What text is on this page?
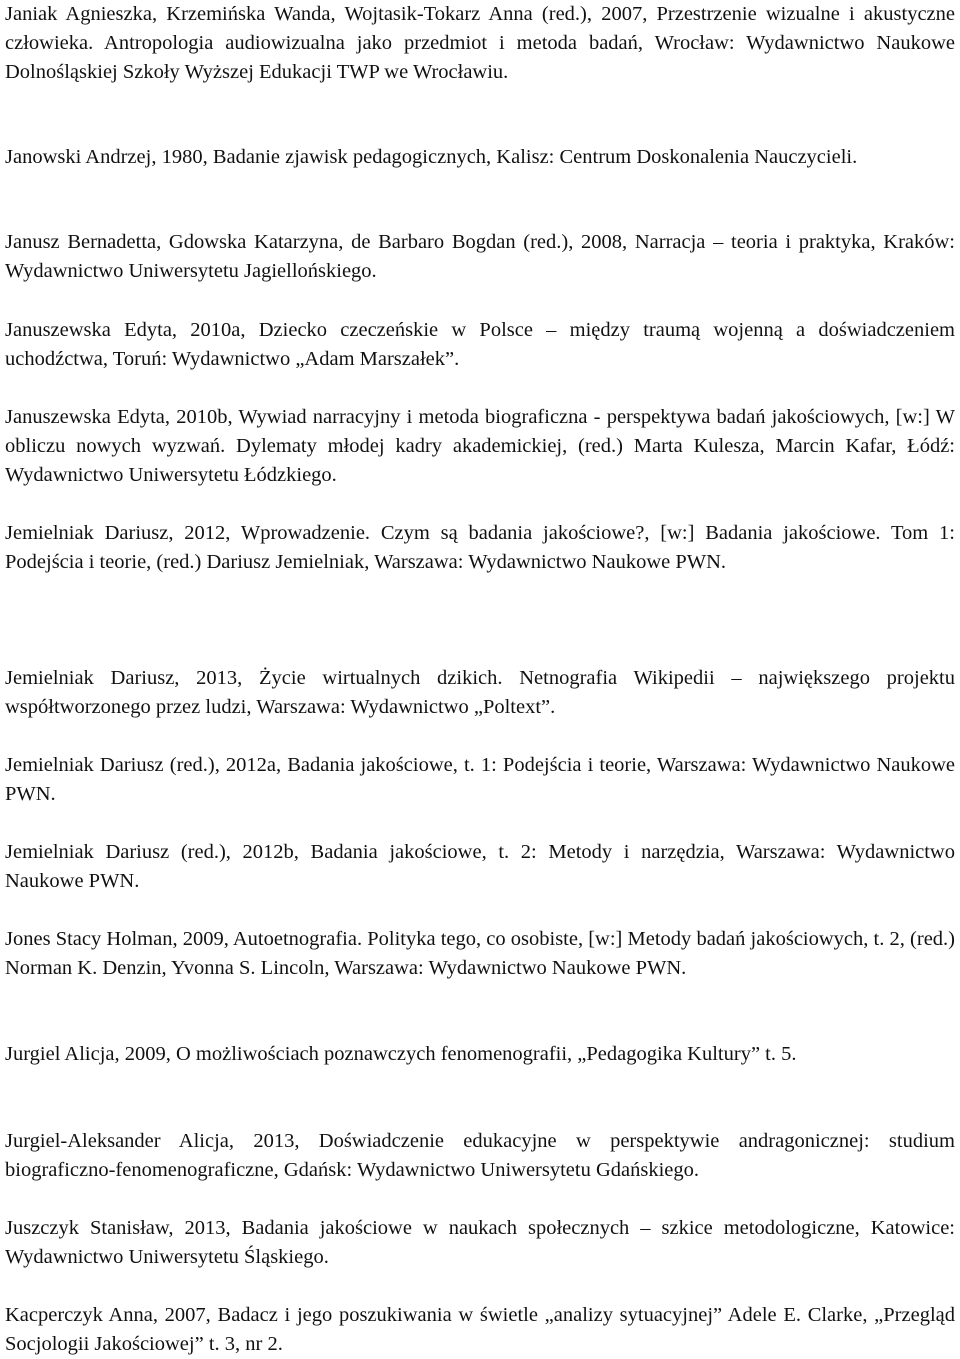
Janiak Agnieszka, Krzemińska Wanda, Wojtasik-Tokarz Anna (red.), 2007, Przestrzenie wizualne i akustyczne człowieka. Antropologia audiowizualna jako przedmiot i metoda badań, Wrocław: Wydawnictwo Naukowe Dolnośląskiej Szkoły Wyższej Edukacji TWP we Wrocławiu.

Janowski Andrzej, 1980, Badanie zjawisk pedagogicznych, Kalisz: Centrum Doskonalenia Nauczycieli.

Janusz Bernadetta, Gdowska Katarzyna, de Barbaro Bogdan (red.), 2008, Narracja – teoria i praktyka, Kraków: Wydawnictwo Uniwersytetu Jagiellońskiego.

Januszewska Edyta, 2010a, Dziecko czeczeńskie w Polsce – między traumą wojenną a doświadczeniem uchodźctwa, Toruń: Wydawnictwo „Adam Marszałek”.

Januszewska Edyta, 2010b, Wywiad narracyjny i metoda biograficzna - perspektywa badań jakościowych, [w:] W obliczu nowych wyzwań. Dylematy młodej kadry akademickiej, (red.) Marta Kulesza, Marcin Kafar, Łódź: Wydawnictwo Uniwersytetu Łódzkiego.

Jemielniak Dariusz, 2012, Wprowadzenie. Czym są badania jakościowe?, [w:] Badania jakościowe. Tom 1: Podejścia i teorie, (red.) Dariusz Jemielniak, Warszawa: Wydawnictwo Naukowe PWN.

Jemielniak Dariusz, 2013, Życie wirtualnych dzikich. Netnografia Wikipedii – największego projektu współtworzonego przez ludzi, Warszawa: Wydawnictwo „Poltext”.

Jemielniak Dariusz (red.), 2012a, Badania jakościowe, t. 1: Podejścia i teorie, Warszawa: Wydawnictwo Naukowe PWN.

Jemielniak Dariusz (red.), 2012b, Badania jakościowe, t. 2: Metody i narzędzia, Warszawa: Wydawnictwo Naukowe PWN.

Jones Stacy Holman, 2009, Autoetnografia. Polityka tego, co osobiste, [w:] Metody badań jakościowych, t. 2, (red.) Norman K. Denzin, Yvonna S. Lincoln, Warszawa: Wydawnictwo Naukowe PWN.

Jurgiel Alicja, 2009, O możliwościach poznawczych fenomenografii, „Pedagogika Kultury” t. 5.

Jurgiel-Aleksander Alicja, 2013, Doświadczenie edukacyjne w perspektywie andragonicznej: studium biograficzno-fenomenograficzne, Gdańsk: Wydawnictwo Uniwersytetu Gdańskiego.

Juszczyk Stanisław, 2013, Badania jakościowe w naukach społecznych – szkice metodologiczne, Katowice: Wydawnictwo Uniwersytetu Śląskiego.

Kacperczyk Anna, 2007, Badacz i jego poszukiwania w świetle „analizy sytuacyjnej” Adele E. Clarke, „Przegląd Socjologii Jakościowej” t. 3, nr 2.
